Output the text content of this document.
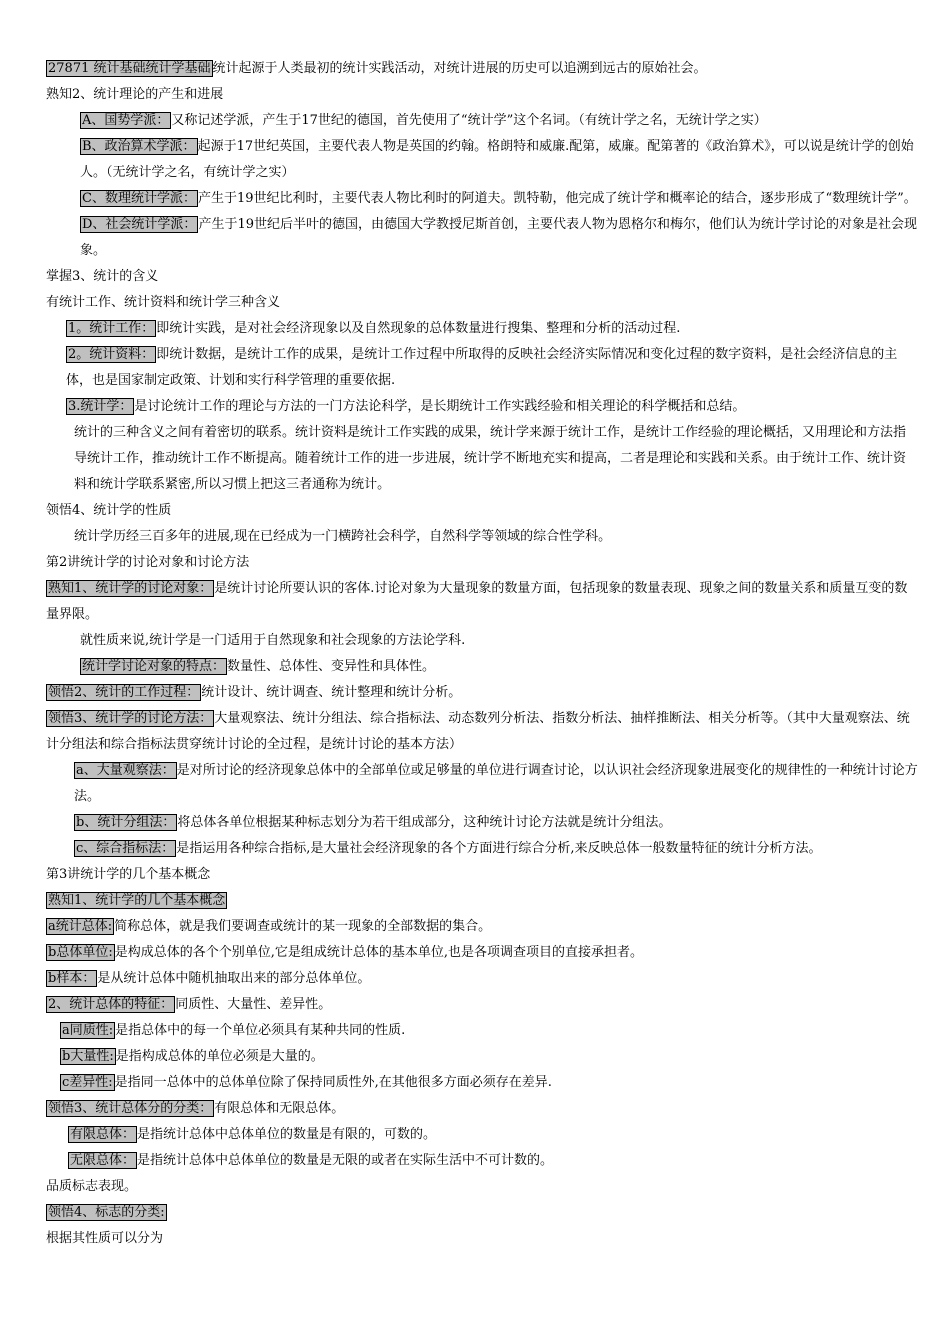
27871 统计基础统计学基础 统计起源于人类最初的统计实践活动，对统计进展的历史可以追溯到远古的原始社会。
熟知2、统计理论的产生和进展
A、国势学派： 又称记述学派，产生于17世纪的德国，首先使用了“统计学”这个名词。（有统计学之名，无统计学之实）
B、政治算术学派： 起源于17世纪英国，主要代表人物是英国的约翰。格朗特和威廉.配第，威廉。配第著的《政治算术》，可以说是统计学的创始人。（无统计学之名，有统计学之实）
C、数理统计学派： 产生于19世纪比利时，主要代表人物比利时的阿道夫。凯特勒，他完成了统计学和概率论的结合，逐步形成了“数理统计学”。
D、社会统计学派： 产生于19世纪后半叶的德国，由德国大学教授尼斯首创，主要代表人物为恩格尔和梅尔，他们认为统计学讨论的对象是社会现象。
掌握3、统计的含义
有统计工作、统计资料和统计学三种含义
1。统计工作： 即统计实践，是对社会经济现象以及自然现象的总体数量进行搜集、整理和分析的活动过程.
2。统计资料： 即统计数据，是统计工作的成果，是统计工作过程中所取得的反映社会经济实际情况和变化过程的数字资料，是社会经济信息的主体，也是国家制定政策、计划和实行科学管理的重要依据.
3.统计学： 是讨论统计工作的理论与方法的一门方法论科学，是长期统计工作实践经验和相关理论的科学概括和总结。
统计的三种含义之间有着密切的联系。统计资料是统计工作实践的成果，统计学来源于统计工作，是统计工作经验的理论概括，又用理论和方法指导统计工作，推动统计工作不断提高。随着统计工作的进一步进展，统计学不断地充实和提高，二者是理论和实践和关系。由于统计工作、统计资料和统计学联系紧密,所以习惯上把这三者通称为统计。
领悟4、统计学的性质
统计学历经三百多年的进展,现在已经成为一门横跨社会科学，自然科学等领域的综合性学科。
第2讲统计学的讨论对象和讨论方法
熟知1、统计学的讨论对象： 是统计讨论所要认识的客体.讨论对象为大量现象的数量方面，包括现象的数量表现、现象之间的数量关系和质量互变的数量界限。
就性质来说,统计学是一门适用于自然现象和社会现象的方法论学科.
统计学讨论对象的特点： 数量性、总体性、变异性和具体性。
领悟2、统计的工作过程： 统计设计、统计调查、统计整理和统计分析。
领悟3、统计学的讨论方法： 大量观察法、统计分组法、综合指标法、动态数列分析法、指数分析法、抽样推断法、相关分析等。（其中大量观察法、统计分组法和综合指标法贯穿统计讨论的全过程，是统计讨论的基本方法）
a、大量观察法： 是对所讨论的经济现象总体中的全部单位或足够量的单位进行调查讨论，以认识社会经济现象进展变化的规律性的一种统计讨论方法。
b、统计分组法： 将总体各单位根据某种标志划分为若干组成部分，这种统计讨论方法就是统计分组法。
c、综合指标法： 是指运用各种综合指标,是大量社会经济现象的各个方面进行综合分析,来反映总体一般数量特征的统计分析方法。
第3讲统计学的几个基本概念
熟知1、统计学的几个基本概念
a统计总体: 简称总体，就是我们要调查或统计的某一现象的全部数据的集合。
b总体单位: 是构成总体的各个个别单位,它是组成统计总体的基本单位,也是各项调查项目的直接承担者。
b样本： 是从统计总体中随机抽取出来的部分总体单位。
2、统计总体的特征： 同质性、大量性、差异性。
a同质性: 是指总体中的每一个单位必须具有某种共同的性质.
b大量性: 是指构成总体的单位必须是大量的。
c差异性: 是指同一总体中的总体单位除了保持同质性外,在其他很多方面必须存在差异.
领悟3、统计总体分的分类： 有限总体和无限总体。
有限总体： 是指统计总体中总体单位的数量是有限的，可数的。
无限总体： 是指统计总体中总体单位的数量是无限的或者在实际生活中不可计数的。
品质标志表现。
领悟4、标志的分类:
根据其性质可以分为
